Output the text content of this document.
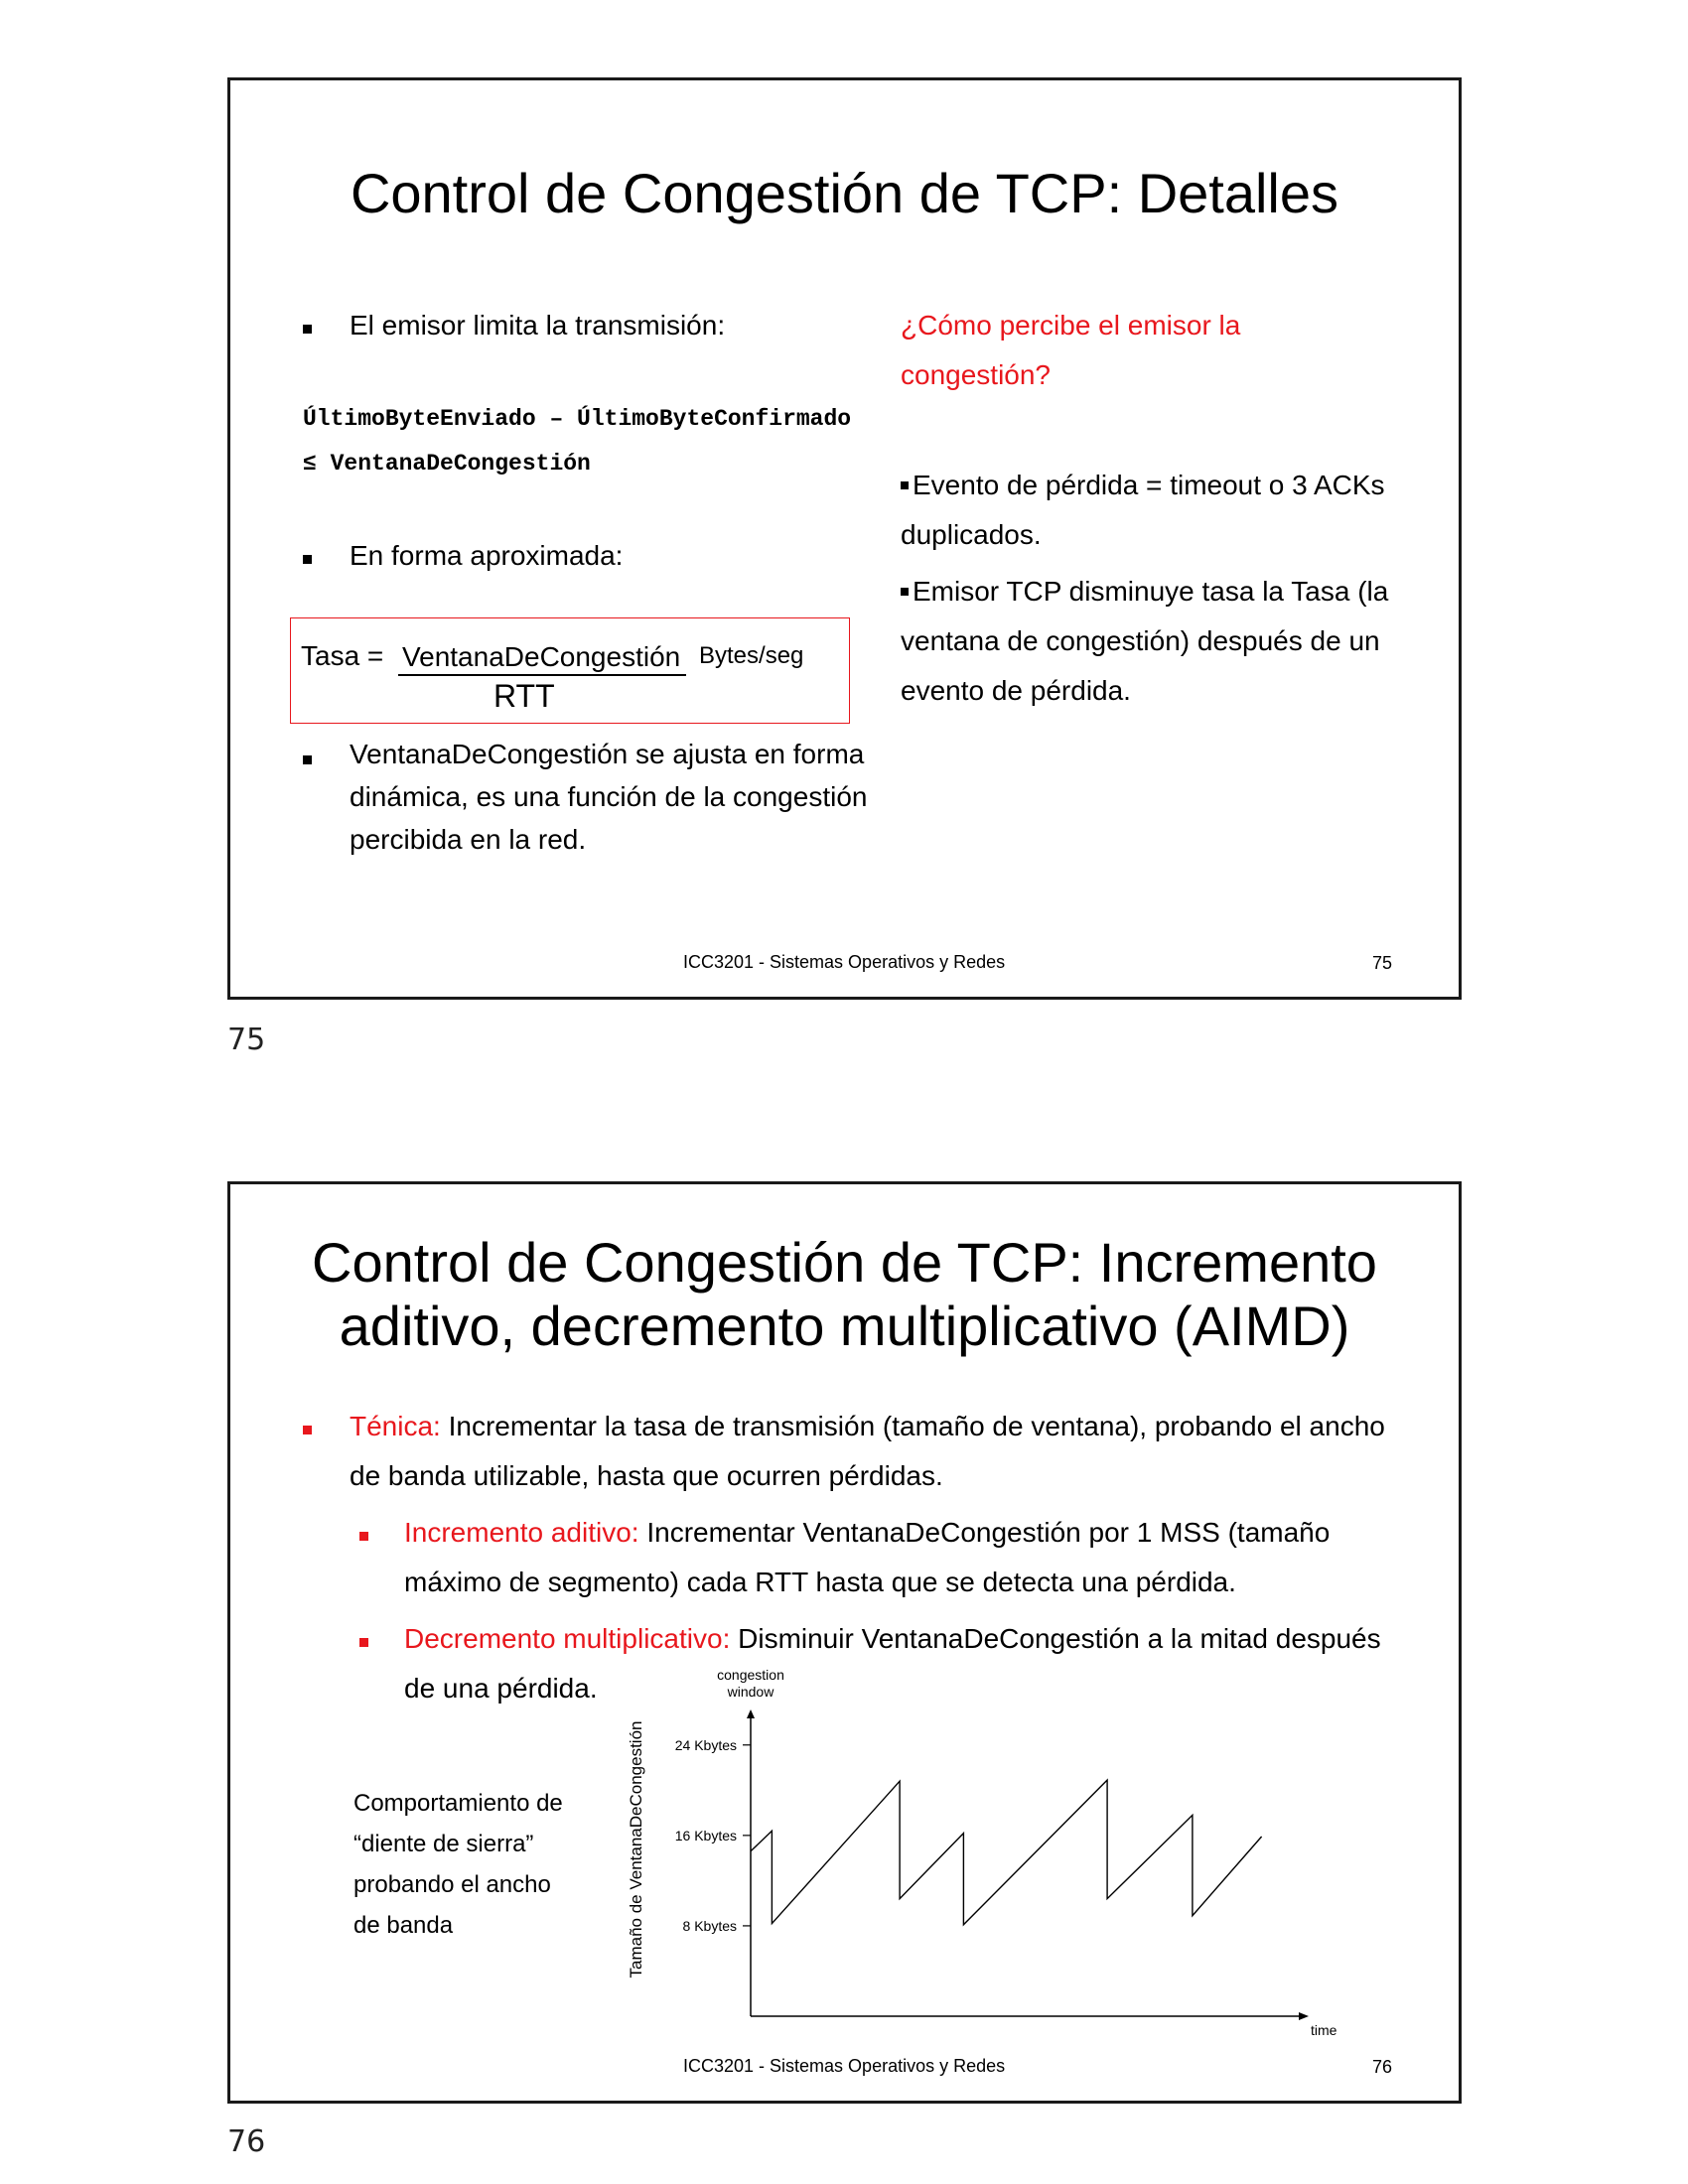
Control de Congestión de TCP: Detalles
El emisor limita la transmisión:
ÚltimoByteEnviado – ÚltimoByteConfirmado
≤ VentanaDeCongestión
En forma aproximada:
Tasa = VentanaDeCongestión Bytes/seg
RTT
VentanaDeCongestión se ajusta en forma
dinámica, es una función de la congestión
percibida en la red.
¿Cómo percibe el emisor la
congestión?
Evento de pérdida = timeout o 3 ACKs
duplicados.
Emisor TCP disminuye tasa la Tasa (la
ventana de congestión) después de un
evento de pérdida.
ICC3201 - Sistemas Operativos y Redes	75
75
Control de Congestión de TCP: Incremento
aditivo, decremento multiplicativo (AIMD)
Ténica: Incrementar la tasa de transmisión (tamaño de ventana), probando el ancho
de banda utilizable, hasta que ocurren pérdidas.
Incremento aditivo: Incrementar VentanaDeCongestión por 1 MSS (tamaño
máximo de segmento) cada RTT hasta que se detecta una pérdida.
Decremento multiplicativo: Disminuir VentanaDeCongestión a la mitad después
de una pérdida.
Comportamiento de
“diente de sierra”
probando el ancho
de banda
congestion
window
time
Tamaño de VentanaDeCongestión	8 Kbytes
16 Kbytes
24 Kbytes
ICC3201 - Sistemas Operativos y Redes	76
76
